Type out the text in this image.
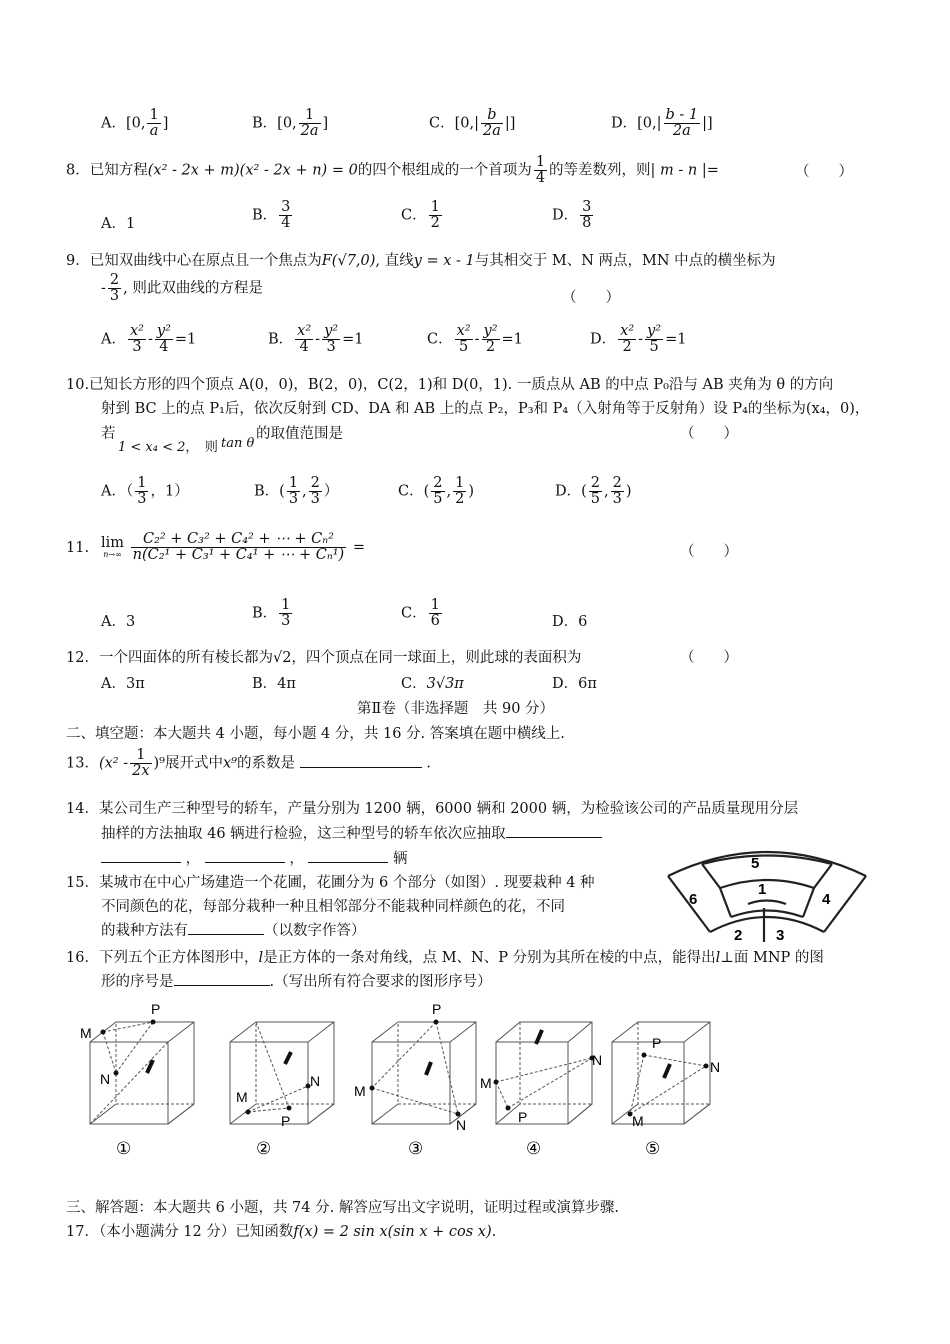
A．[0, $\frac{1}{a}$ ]	B．[0, $\frac{1}{2a}$ ]	C．[$0,| \frac{b}{2a}$ |]	D．[$0,| \frac{b - 1}{2a}$ |]
8．已知方程(x² - 2x + m)(x² - 2x + n) = 0的四个根组成的一个首项为 $\frac{1}{4}$ 的等差数列，则| m - n |=	（　　）
A．1
B． $\frac{3}{4}$	C． $\frac{1}{2}$	D． $\frac{3}{8}$
9．已知双曲线中心在原点且一个焦点为F(√7,0), 直线y = x - 1与其相交于 M、N 两点，MN 中点的横坐标为
- $\frac{2}{3}$ , 则此双曲线的方程是
（　　）
A． $\frac{\text{x²}}{3} - \frac{\text{y²}}{4} =1$	B． $\frac{\text{x²}}{4} - \frac{\text{y²}}{3} =1$	C． $\frac{\text{x²}}{5} - \frac{\text{y²}}{2} =1$	D． $\frac{\text{x²}}{2} - \frac{\text{y²}}{5} =1$
10.已知长方形的四个顶点 A(0，0)，B(2，0)，C(2，1)和 D(0，1). 一质点从 AB 的中点 P₀沿与 AB 夹角为 θ 的方向
射到 BC 上的点 P₁后，依次反射到 CD、DA 和 AB 上的点 P₂，P₃和 P₄（入射角等于反射角）设 P₄的坐标为(x₄，0)，
若
1 < x₄ < 2，　则 tan θ
的取值范围是	（　　）
A．（ $\frac{1}{3}$ ，1）	B．( $\frac{1}{3}$ , $\frac{2}{3}$ ）	C．( $\frac{2}{5}$ , $\frac{1}{2}$ )	D．( $\frac{2}{5}$ , $\frac{2}{3}$ )
11. lim
n→∞
$\frac{\text{C₂² + C₃² + C₄² + ⋯ + Cₙ²}}{\text{n(C₂¹ + C₃¹ + C₄¹ + ⋯ + Cₙ¹)}}$ =	（　　）
A．3
B． $\frac{1}{3}$	C． $\frac{1}{6}$	D．6
12．一个四面体的所有棱长都为√2，四个顶点在同一球面上，则此球的表面积为	（　　）
A．3π	B．4π	C．3√3π	D．6π
第Ⅱ卷（非选择题　共 90 分）
二、填空题：本大题共 4 小题，每小题 4 分，共 16 分. 答案填在题中横线上.
13．$(x^2 - \frac{1}{2x} )^9$展开式中x⁹的系数是	.
14．某公司生产三种型号的轿车，产量分别为 1200 辆，6000 辆和 2000 辆，为检验该公司的产品质量现用分层
抽样的方法抽取 46 辆进行检验，这三种型号的轿车依次应抽取
，	，	辆
15．某城市在中心广场建造一个花圃，花圃分为 6 个部分（如图）. 现要栽种 4 种
不同颜色的花，每部分栽种一种且相邻部分不能栽种同样颜色的花，不同
的栽种方法有	（以数字作答）
5
1
6	4
2 3
16．下列五个正方体图形中，l是正方体的一条对角线，点 M、N、P 分别为其所在棱的中点，能得出l⊥面 MNP 的图
形的序号是	.（写出所有符合要求的图形序号）
M
P
N
①
M
P
N
②
P
M
N
③
M
N
P
④
P
N
M
⑤
三、解答题：本大题共 6 小题，共 74 分. 解答应写出文字说明，证明过程或演算步骤.
17．（本小题满分 12 分）已知函数f(x) = 2 sin x(sin x + cos x).
